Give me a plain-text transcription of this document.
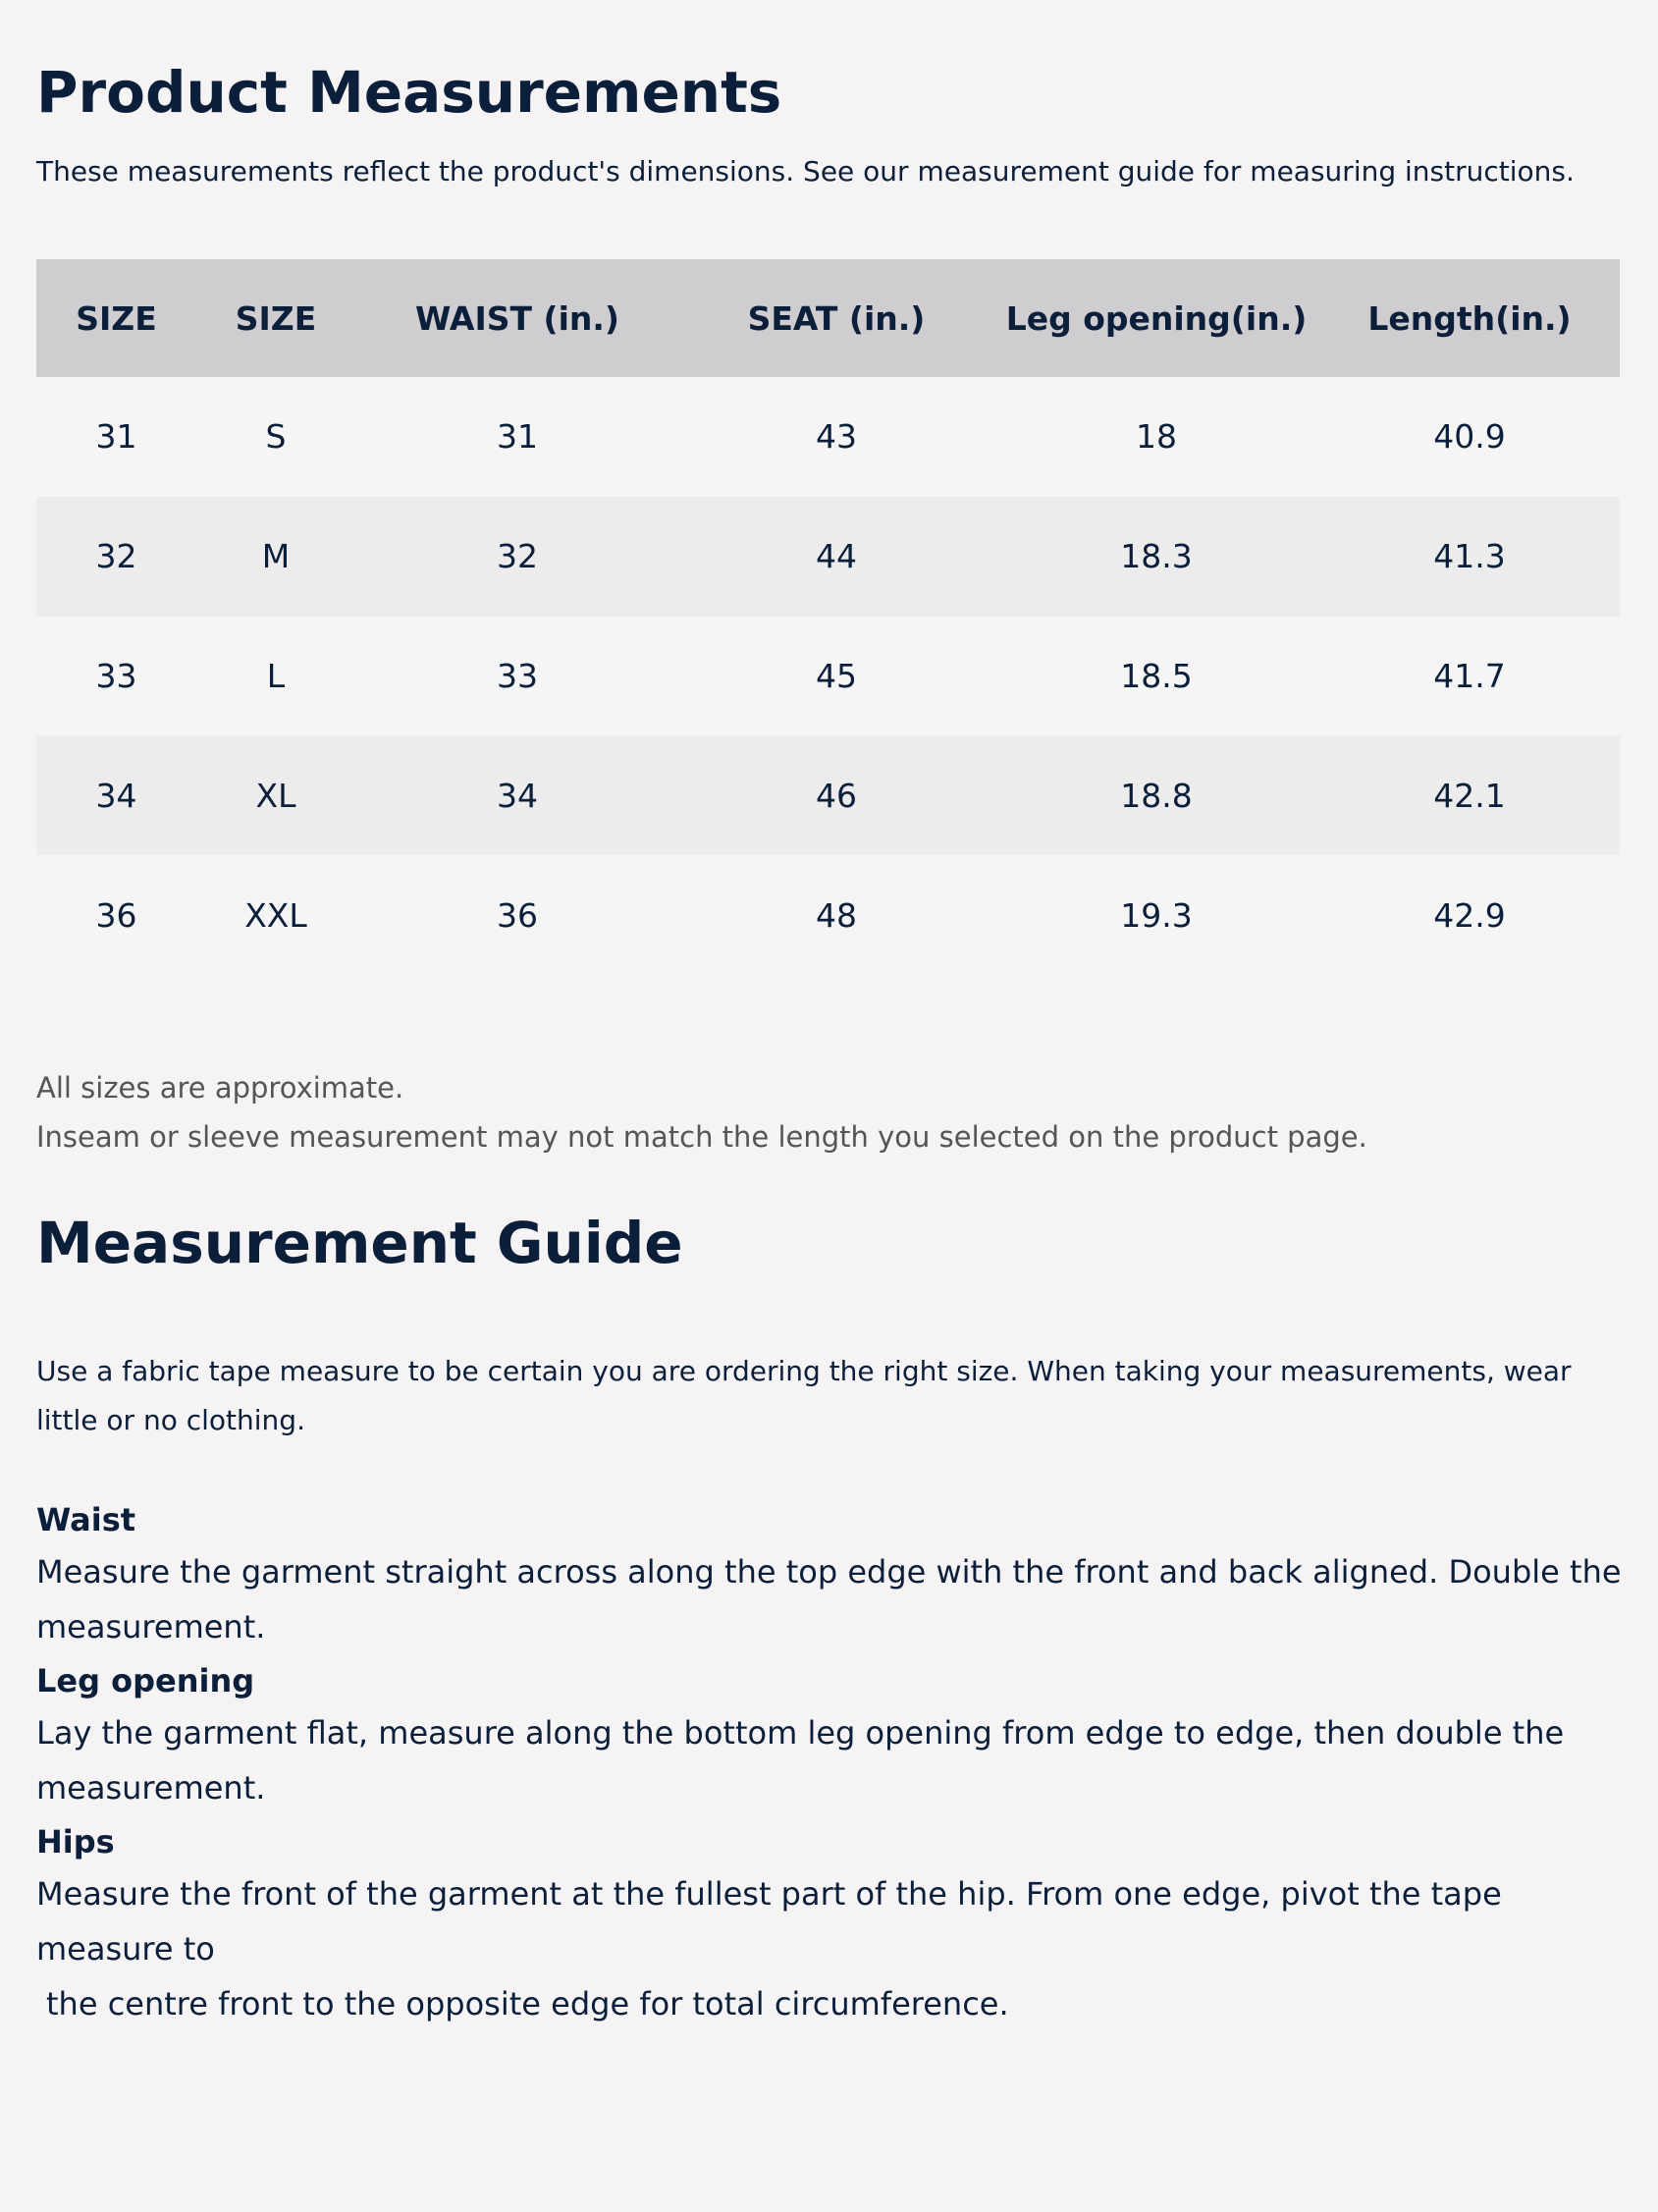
Product Measurements
These measurements reflect the product's dimensions. See our measurement guide for measuring instructions.
SIZE	SIZE	WAIST (in.)	SEAT (in.)	Leg opening(in.)	Length(in.)
31	S	31	43	18	40.9
32	M	32	44	18.3	41.3
33	L	33	45	18.5	41.7
34	XL	34	46	18.8	42.1
36	XXL	36	48	19.3	42.9
All sizes are approximate.
Inseam or sleeve measurement may not match the length you selected on the product page.
Measurement Guide
Use a fabric tape measure to be certain you are ordering the right size. When taking your measurements, wear little or no clothing.
Waist
Measure the garment straight across along the top edge with the front and back aligned. Double the measurement.
Leg opening
Lay the garment flat, measure along the bottom leg opening from edge to edge, then double the measurement.
Hips
Measure the front of the garment at the fullest part of the hip. From one edge, pivot the tape measure to
the centre front to the opposite edge for total circumference.
